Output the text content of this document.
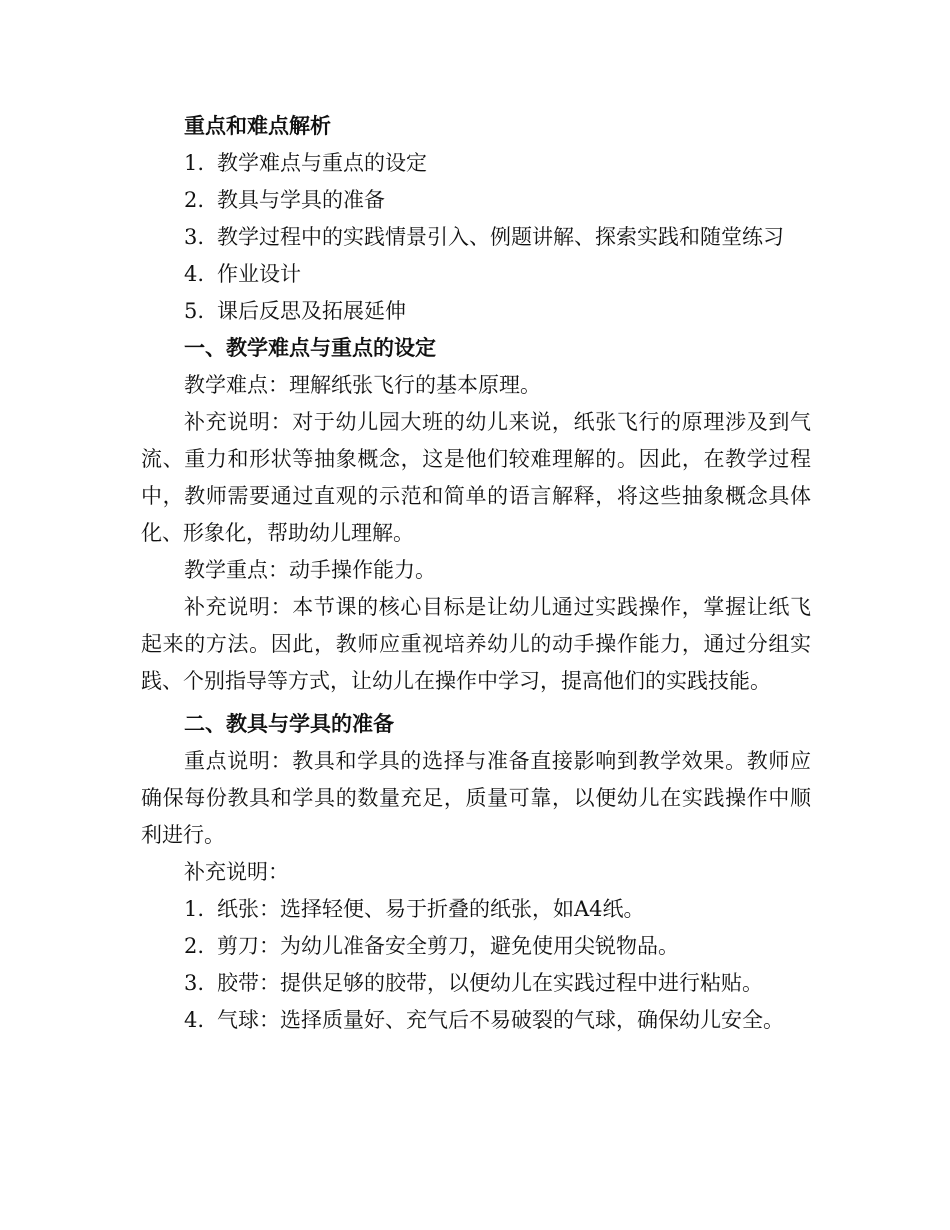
重点和难点解析

1. 教学难点与重点的设定
2. 教具与学具的准备
3. 教学过程中的实践情景引入、例题讲解、探索实践和随堂练习
4. 作业设计
5. 课后反思及拓展延伸

一、教学难点与重点的设定

教学难点：理解纸张飞行的基本原理。

补充说明：对于幼儿园大班的幼儿来说，纸张飞行的原理涉及到气流、重力和形状等抽象概念，这是他们较难理解的。因此，在教学过程中，教师需要通过直观的示范和简单的语言解释，将这些抽象概念具体化、形象化，帮助幼儿理解。

教学重点：动手操作能力。

补充说明：本节课的核心目标是让幼儿通过实践操作，掌握让纸飞起来的方法。因此，教师应重视培养幼儿的动手操作能力，通过分组实践、个别指导等方式，让幼儿在操作中学习，提高他们的实践技能。

二、教具与学具的准备

重点说明：教具和学具的选择与准备直接影响到教学效果。教师应确保每份教具和学具的数量充足，质量可靠，以便幼儿在实践操作中顺利进行。

补充说明：

1. 纸张：选择轻便、易于折叠的纸张，如A4纸。
2. 剪刀：为幼儿准备安全剪刀，避免使用尖锐物品。
3. 胶带：提供足够的胶带，以便幼儿在实践过程中进行粘贴。
4. 气球：选择质量好、充气后不易破裂的气球，确保幼儿安全。
